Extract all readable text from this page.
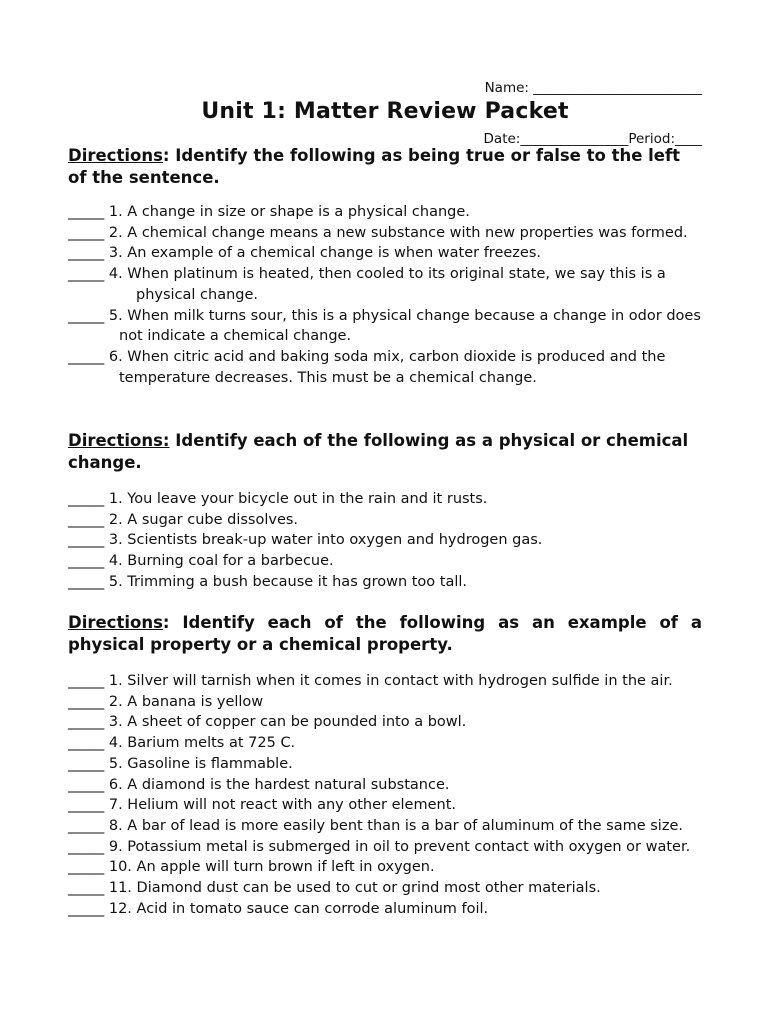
Name: _________________________

Date:________________Period:____

Unit 1: Matter Review Packet

Directions: Identify the following as being true or false to the left of the sentence.

_____ 1. A change in size or shape is a physical change.
_____ 2. A chemical change means a new substance with new properties was formed.
_____ 3. An example of a chemical change is when water freezes.
_____ 4. When platinum is heated, then cooled to its original state, we say this is a physical change.
_____ 5. When milk turns sour, this is a physical change because a change in odor does not indicate a chemical change.
_____ 6. When citric acid and baking soda mix, carbon dioxide is produced and the temperature decreases. This must be a chemical change.

Directions: Identify each of the following as a physical or chemical change.

_____ 1. You leave your bicycle out in the rain and it rusts.
_____ 2. A sugar cube dissolves.
_____ 3. Scientists break-up water into oxygen and hydrogen gas.
_____ 4. Burning coal for a barbecue.
_____ 5. Trimming a bush because it has grown too tall.

Directions: Identify each of the following as an example of a physical property or a chemical property.

_____ 1. Silver will tarnish when it comes in contact with hydrogen sulfide in the air.
_____ 2. A banana is yellow
_____ 3. A sheet of copper can be pounded into a bowl.
_____ 4. Barium melts at 725 C.
_____ 5. Gasoline is flammable.
_____ 6. A diamond is the hardest natural substance.
_____ 7. Helium will not react with any other element.
_____ 8. A bar of lead is more easily bent than is a bar of aluminum of the same size.
_____ 9. Potassium metal is submerged in oil to prevent contact with oxygen or water.
_____ 10. An apple will turn brown if left in oxygen.
_____ 11. Diamond dust can be used to cut or grind most other materials.
_____ 12. Acid in tomato sauce can corrode aluminum foil.
